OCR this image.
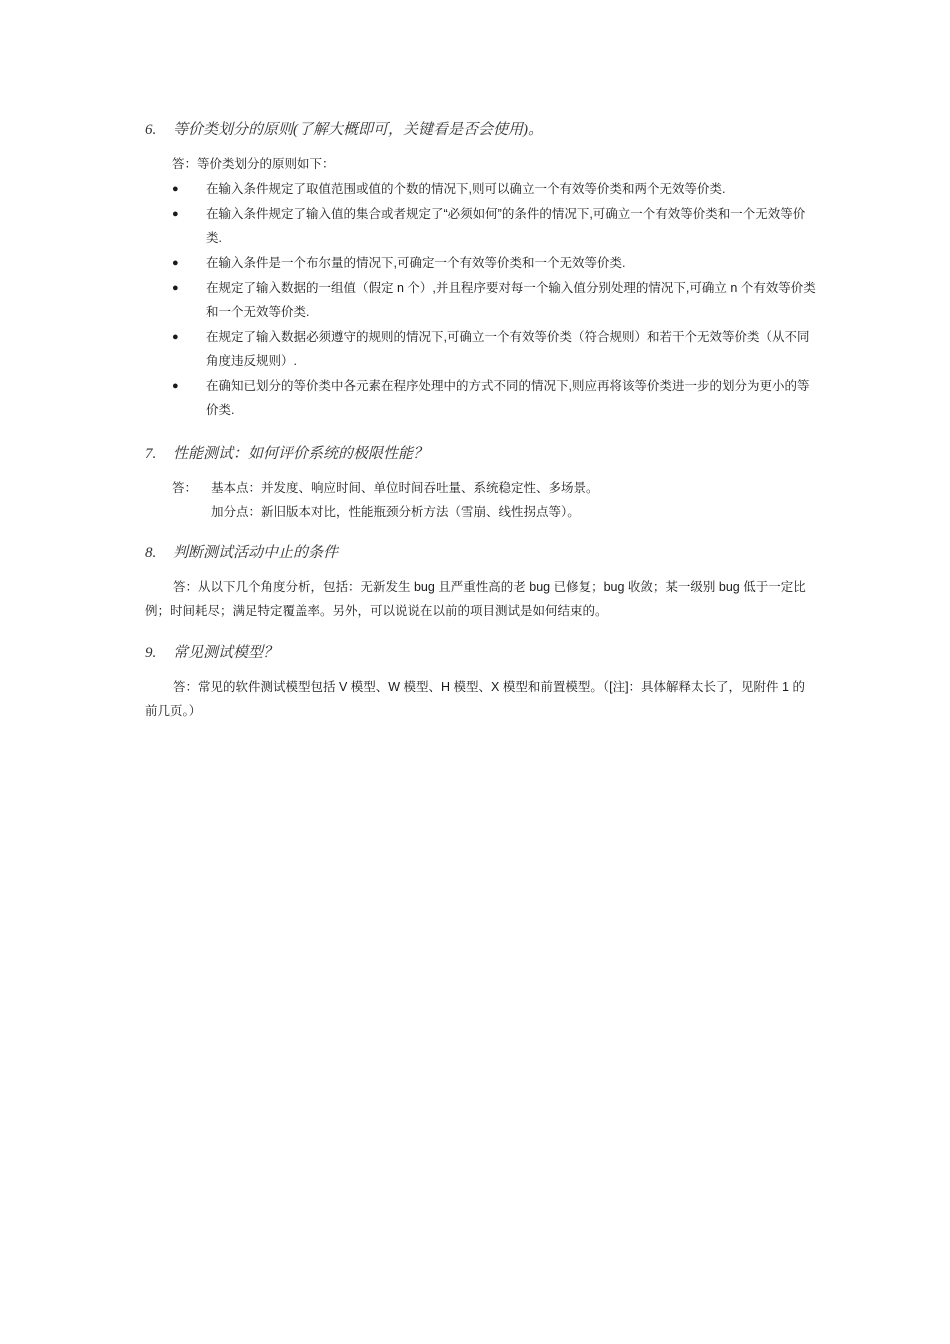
6. 等价类划分的原则(了解大概即可，关键看是否会使用)。
答：等价类划分的原则如下：
● 在输入条件规定了取值范围或值的个数的情况下,则可以确立一个有效等价类和两个无效等价类.
● 在输入条件规定了输入值的集合或者规定了“必须如何”的条件的情况下,可确立一个有效等价类和一个无效等价类.
● 在输入条件是一个布尔量的情况下,可确定一个有效等价类和一个无效等价类.
● 在规定了输入数据的一组值（假定 n 个）,并且程序要对每一个输入值分别处理的情况下,可确立 n 个有效等价类和一个无效等价类.
● 在规定了输入数据必须遵守的规则的情况下,可确立一个有效等价类（符合规则）和若干个无效等价类（从不同角度违反规则）.
● 在确知已划分的等价类中各元素在程序处理中的方式不同的情况下,则应再将该等价类进一步的划分为更小的等价类.
7. 性能测试：如何评价系统的极限性能？
答： 基本点：并发度、响应时间、单位时间吞吐量、系统稳定性、多场景。
加分点：新旧版本对比，性能瓶颈分析方法（雪崩、线性拐点等）。
8. 判断测试活动中止的条件
答：从以下几个角度分析，包括：无新发生 bug 且严重性高的老 bug 已修复；bug 收敛；某一级别 bug 低于一定比例；时间耗尽；满足特定覆盖率。另外，可以说说在以前的项目测试是如何结束的。
9. 常见测试模型？
答：常见的软件测试模型包括 V 模型、W 模型、H 模型、X 模型和前置模型。（[注]：具体解释太长了，见附件 1 的前几页。）
